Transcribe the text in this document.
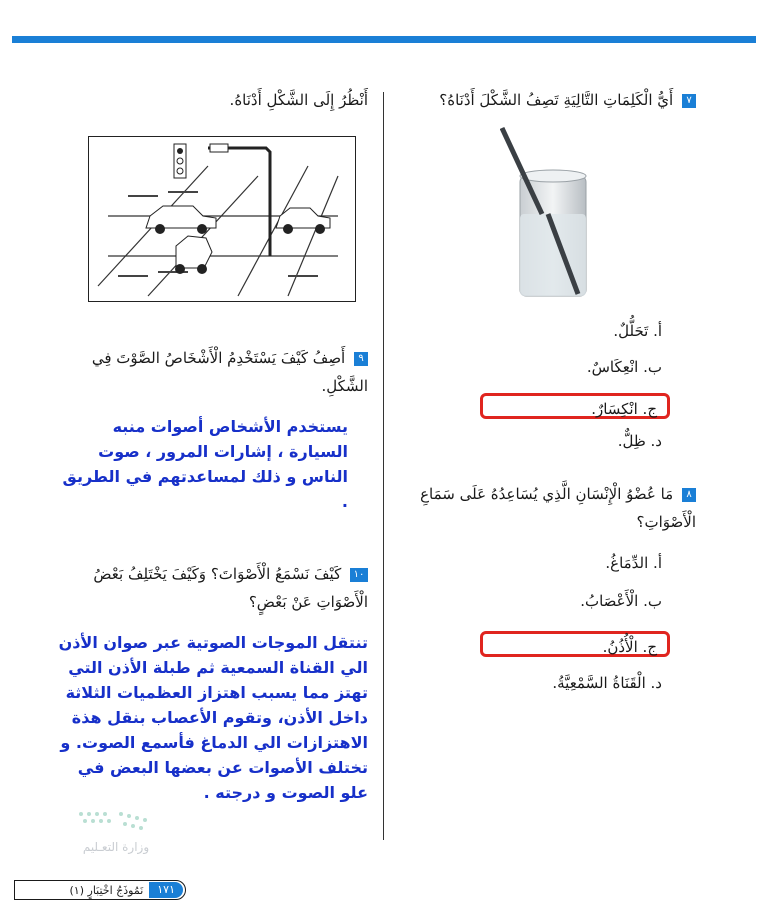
٧ أَيُّ الْكَلِمَاتِ التَّالِيَةِ تَصِفُ الشَّكْلَ أَدْنَاهُ؟
أ. تَحَلُّلٌ.
ب. انْعِكَاسٌ.
ج. انْكِسَارٌ.
د. ظِلٌّ.
٨ مَا عُضْوُ الْإِنْسَانِ الَّذِي يُسَاعِدُهُ عَلَى سَمَاعِ الْأَصْوَاتِ؟
أ. الدِّمَاغُ.
ب. الْأَعْصَابُ.
ج. الْأُذُنُ.
د. الْقَنَاةُ السَّمْعِيَّةُ.
أَنْظُرُ إِلَى الشَّكْلِ أَدْنَاهُ.
٩ أَصِفُ كَيْفَ يَسْتَخْدِمُ الْأَشْخَاصُ الصَّوْتَ فِي الشَّكْلِ.
يستخدم الأشخاص أصوات منبه السيارة ، إشارات المرور ، صوت الناس و ذلك لمساعدتهم في الطريق .
١٠ كَيْفَ نَسْمَعُ الْأَصْوَاتَ؟ وَكَيْفَ يَخْتَلِفُ بَعْضُ الْأَصْوَاتِ عَنْ بَعْضٍ؟
تنتقل الموجات الصوتية عبر صوان الأذن الي القناة السمعية ثم طبلة الأذن التي تهتز مما يسبب اهتزاز العظميات الثلاثة داخل الأذن، وتقوم الأعصاب بنقل هذة الاهتزازات الي الدماغ فأسمع الصوت. و تختلف الأصوات عن بعضها البعض في علو الصوت و درجته .
وزارة التعـليم
نَمُوذَجُ اخْتِبَارٍ (١)	١٧١
